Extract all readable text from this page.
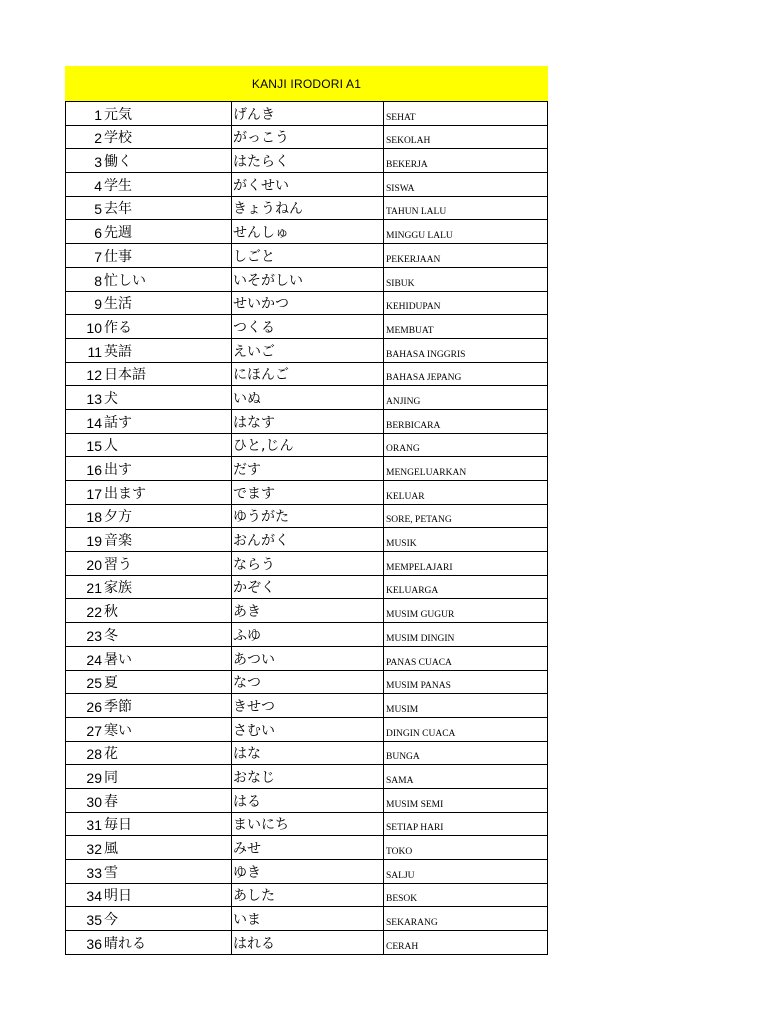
KANJI IRODORI A1
1	元気	げんき	SEHAT
2	学校	がっこう	SEKOLAH
3	働く	はたらく	BEKERJA
4	学生	がくせい	SISWA
5	去年	きょうねん	TAHUN LALU
6	先週	せんしゅ	MINGGU LALU
7	仕事	しごと	PEKERJAAN
8	忙しい	いそがしい	SIBUK
9	生活	せいかつ	KEHIDUPAN
10	作る	つくる	MEMBUAT
11	英語	えいご	BAHASA INGGRIS
12	日本語	にほんご	BAHASA JEPANG
13	犬	いぬ	ANJING
14	話す	はなす	BERBICARA
15	人	ひと,じん	ORANG
16	出す	だす	MENGELUARKAN
17	出ます	でます	KELUAR
18	夕方	ゆうがた	SORE, PETANG
19	音楽	おんがく	MUSIK
20	習う	ならう	MEMPELAJARI
21	家族	かぞく	KELUARGA
22	秋	あき	MUSIM GUGUR
23	冬	ふゆ	MUSIM DINGIN
24	暑い	あつい	PANAS CUACA
25	夏	なつ	MUSIM PANAS
26	季節	きせつ	MUSIM
27	寒い	さむい	DINGIN CUACA
28	花	はな	BUNGA
29	同	おなじ	SAMA
30	春	はる	MUSIM SEMI
31	毎日	まいにち	SETIAP HARI
32	風	みせ	TOKO
33	雪	ゆき	SALJU
34	明日	あした	BESOK
35	今	いま	SEKARANG
36	晴れる	はれる	CERAH
